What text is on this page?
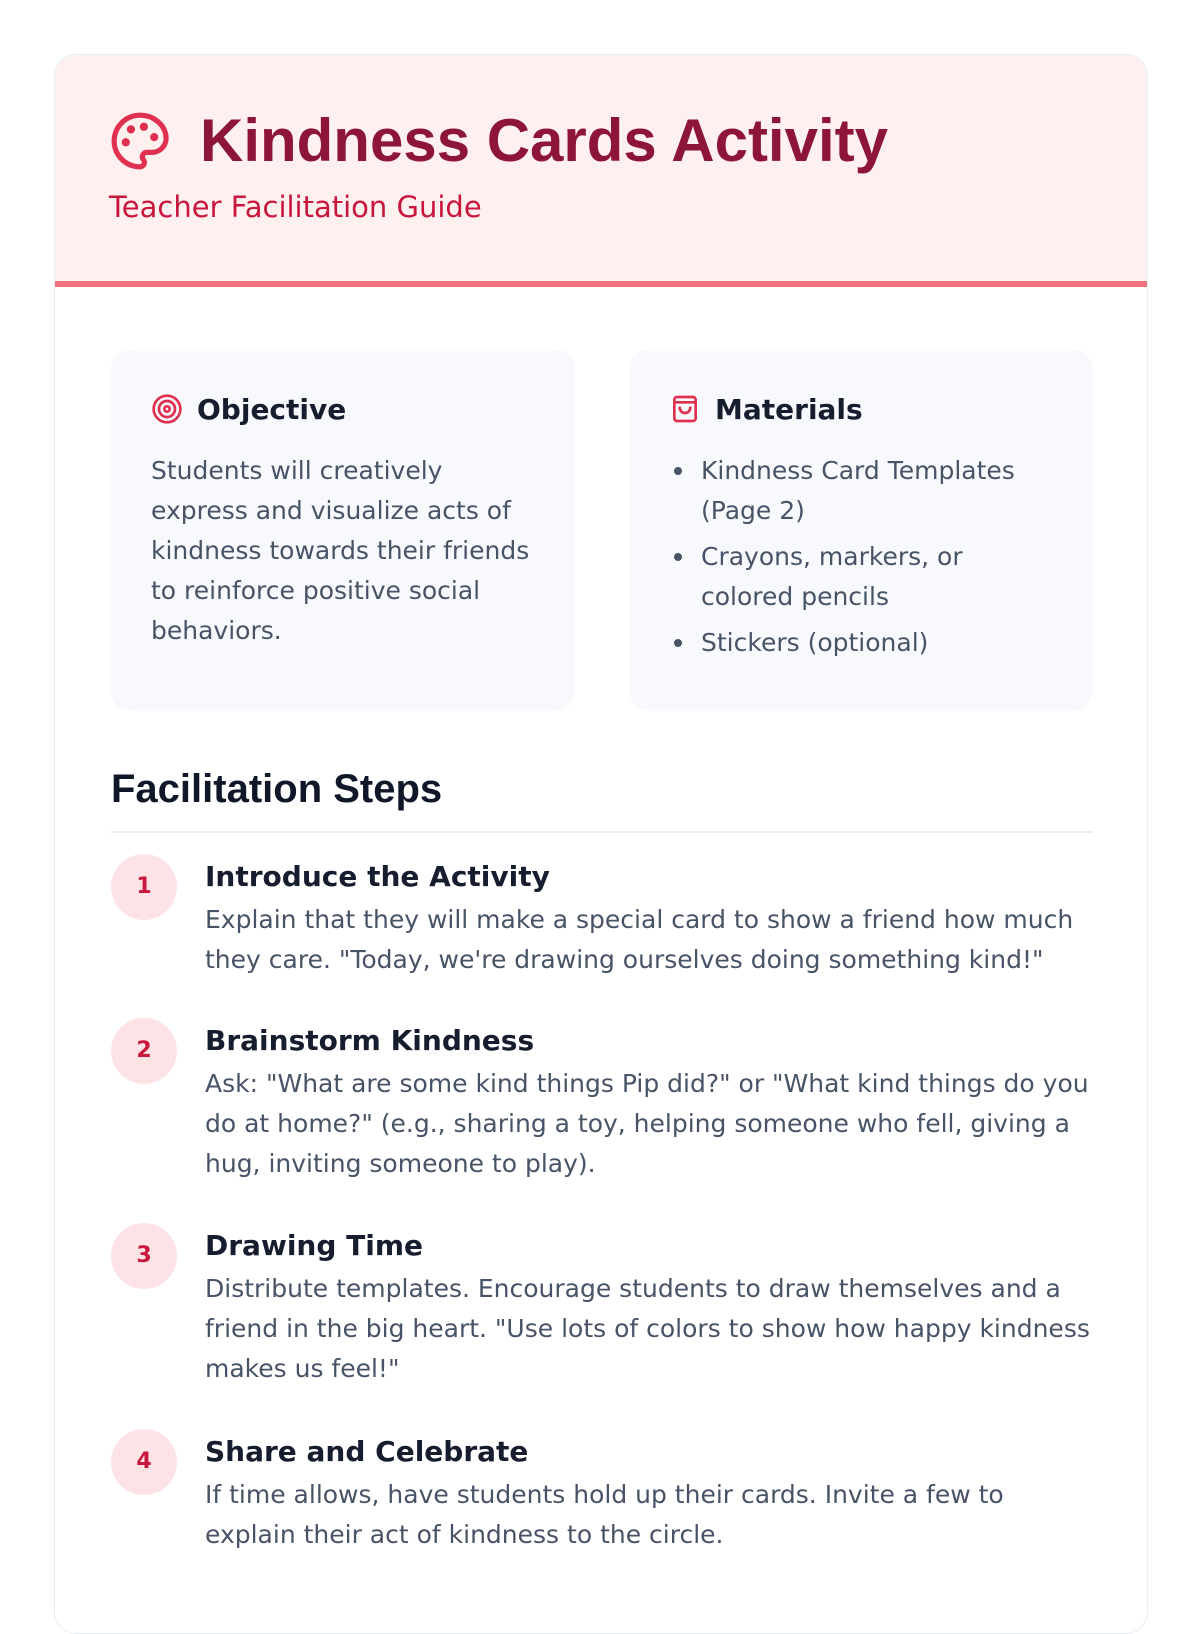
Kindness Cards Activity
Teacher Facilitation Guide
Objective
Students will creatively express and visualize acts of kindness towards their friends to reinforce positive social behaviors.
Materials
Kindness Card Templates (Page 2)
Crayons, markers, or colored pencils
Stickers (optional)
Facilitation Steps
1	Introduce the Activity
Explain that they will make a special card to show a friend how much they care. "Today, we're drawing ourselves doing something kind!"
2	Brainstorm Kindness
Ask: "What are some kind things Pip did?" or "What kind things do you do at home?" (e.g., sharing a toy, helping someone who fell, giving a hug, inviting someone to play).
3	Drawing Time
Distribute templates. Encourage students to draw themselves and a friend in the big heart. "Use lots of colors to show how happy kindness makes us feel!"
4	Share and Celebrate
If time allows, have students hold up their cards. Invite a few to explain their act of kindness to the circle.
